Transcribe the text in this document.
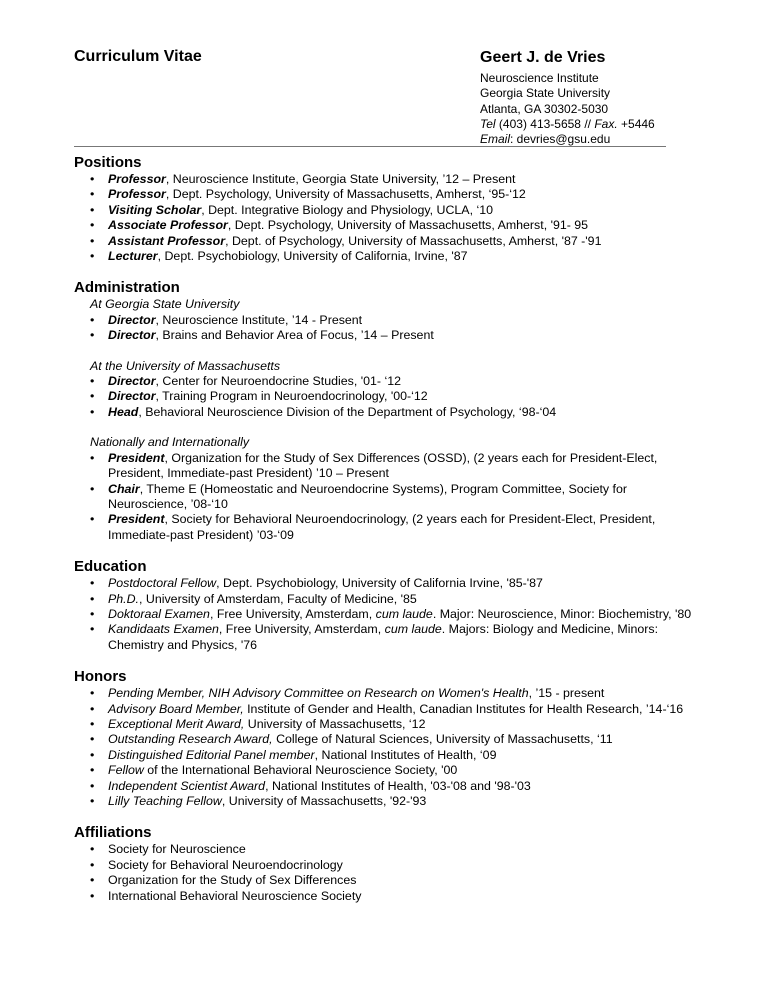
Curriculum Vitae	Geert J. de Vries
Neuroscience Institute
Georgia State University
Atlanta, GA 30302-5030
Tel (403) 413-5658 // Fax. +5446
Email: devries@gsu.edu
Positions
• Professor, Neuroscience Institute, Georgia State University, ’12 – Present
• Professor, Dept. Psychology, University of Massachusetts, Amherst, ‘95-‘12
• Visiting Scholar, Dept. Integrative Biology and Physiology, UCLA, ‘10
• Associate Professor, Dept. Psychology, University of Massachusetts, Amherst, '91- 95
• Assistant Professor, Dept. of Psychology, University of Massachusetts, Amherst, '87 -'91
• Lecturer, Dept. Psychobiology, University of California, Irvine, '87
Administration
At Georgia State University
• Director, Neuroscience Institute, ’14 - Present
• Director, Brains and Behavior Area of Focus, ’14 – Present
At the University of Massachusetts
• Director, Center for Neuroendocrine Studies, '01- ‘12
• Director, Training Program in Neuroendocrinology, '00-‘12
• Head, Behavioral Neuroscience Division of the Department of Psychology, ‘98-‘04
Nationally and Internationally
• President, Organization for the Study of Sex Differences (OSSD), (2 years each for President-Elect, President, Immediate-past President) ’10 – Present
• Chair, Theme E (Homeostatic and Neuroendocrine Systems), Program Committee, Society for Neuroscience, ’08-‘10
• President, Society for Behavioral Neuroendocrinology, (2 years each for President-Elect, President, Immediate-past President) ’03-‘09
Education
• Postdoctoral Fellow, Dept. Psychobiology, University of California Irvine, '85-'87
• Ph.D., University of Amsterdam, Faculty of Medicine, '85
• Doktoraal Examen, Free University, Amsterdam, cum laude. Major: Neuroscience, Minor: Biochemistry, '80
• Kandidaats Examen, Free University, Amsterdam, cum laude. Majors: Biology and Medicine, Minors: Chemistry and Physics, '76
Honors
• Pending Member, NIH Advisory Committee on Research on Women's Health, ’15 - present
• Advisory Board Member, Institute of Gender and Health, Canadian Institutes for Health Research, ’14-‘16
• Exceptional Merit Award, University of Massachusetts, ‘12
• Outstanding Research Award, College of Natural Sciences, University of Massachusetts, ‘11
• Distinguished Editorial Panel member, National Institutes of Health, ‘09
• Fellow of the International Behavioral Neuroscience Society, '00
• Independent Scientist Award, National Institutes of Health, '03-'08 and '98-'03
• Lilly Teaching Fellow, University of Massachusetts, '92-'93
Affiliations
• Society for Neuroscience
• Society for Behavioral Neuroendocrinology
• Organization for the Study of Sex Differences
• International Behavioral Neuroscience Society
